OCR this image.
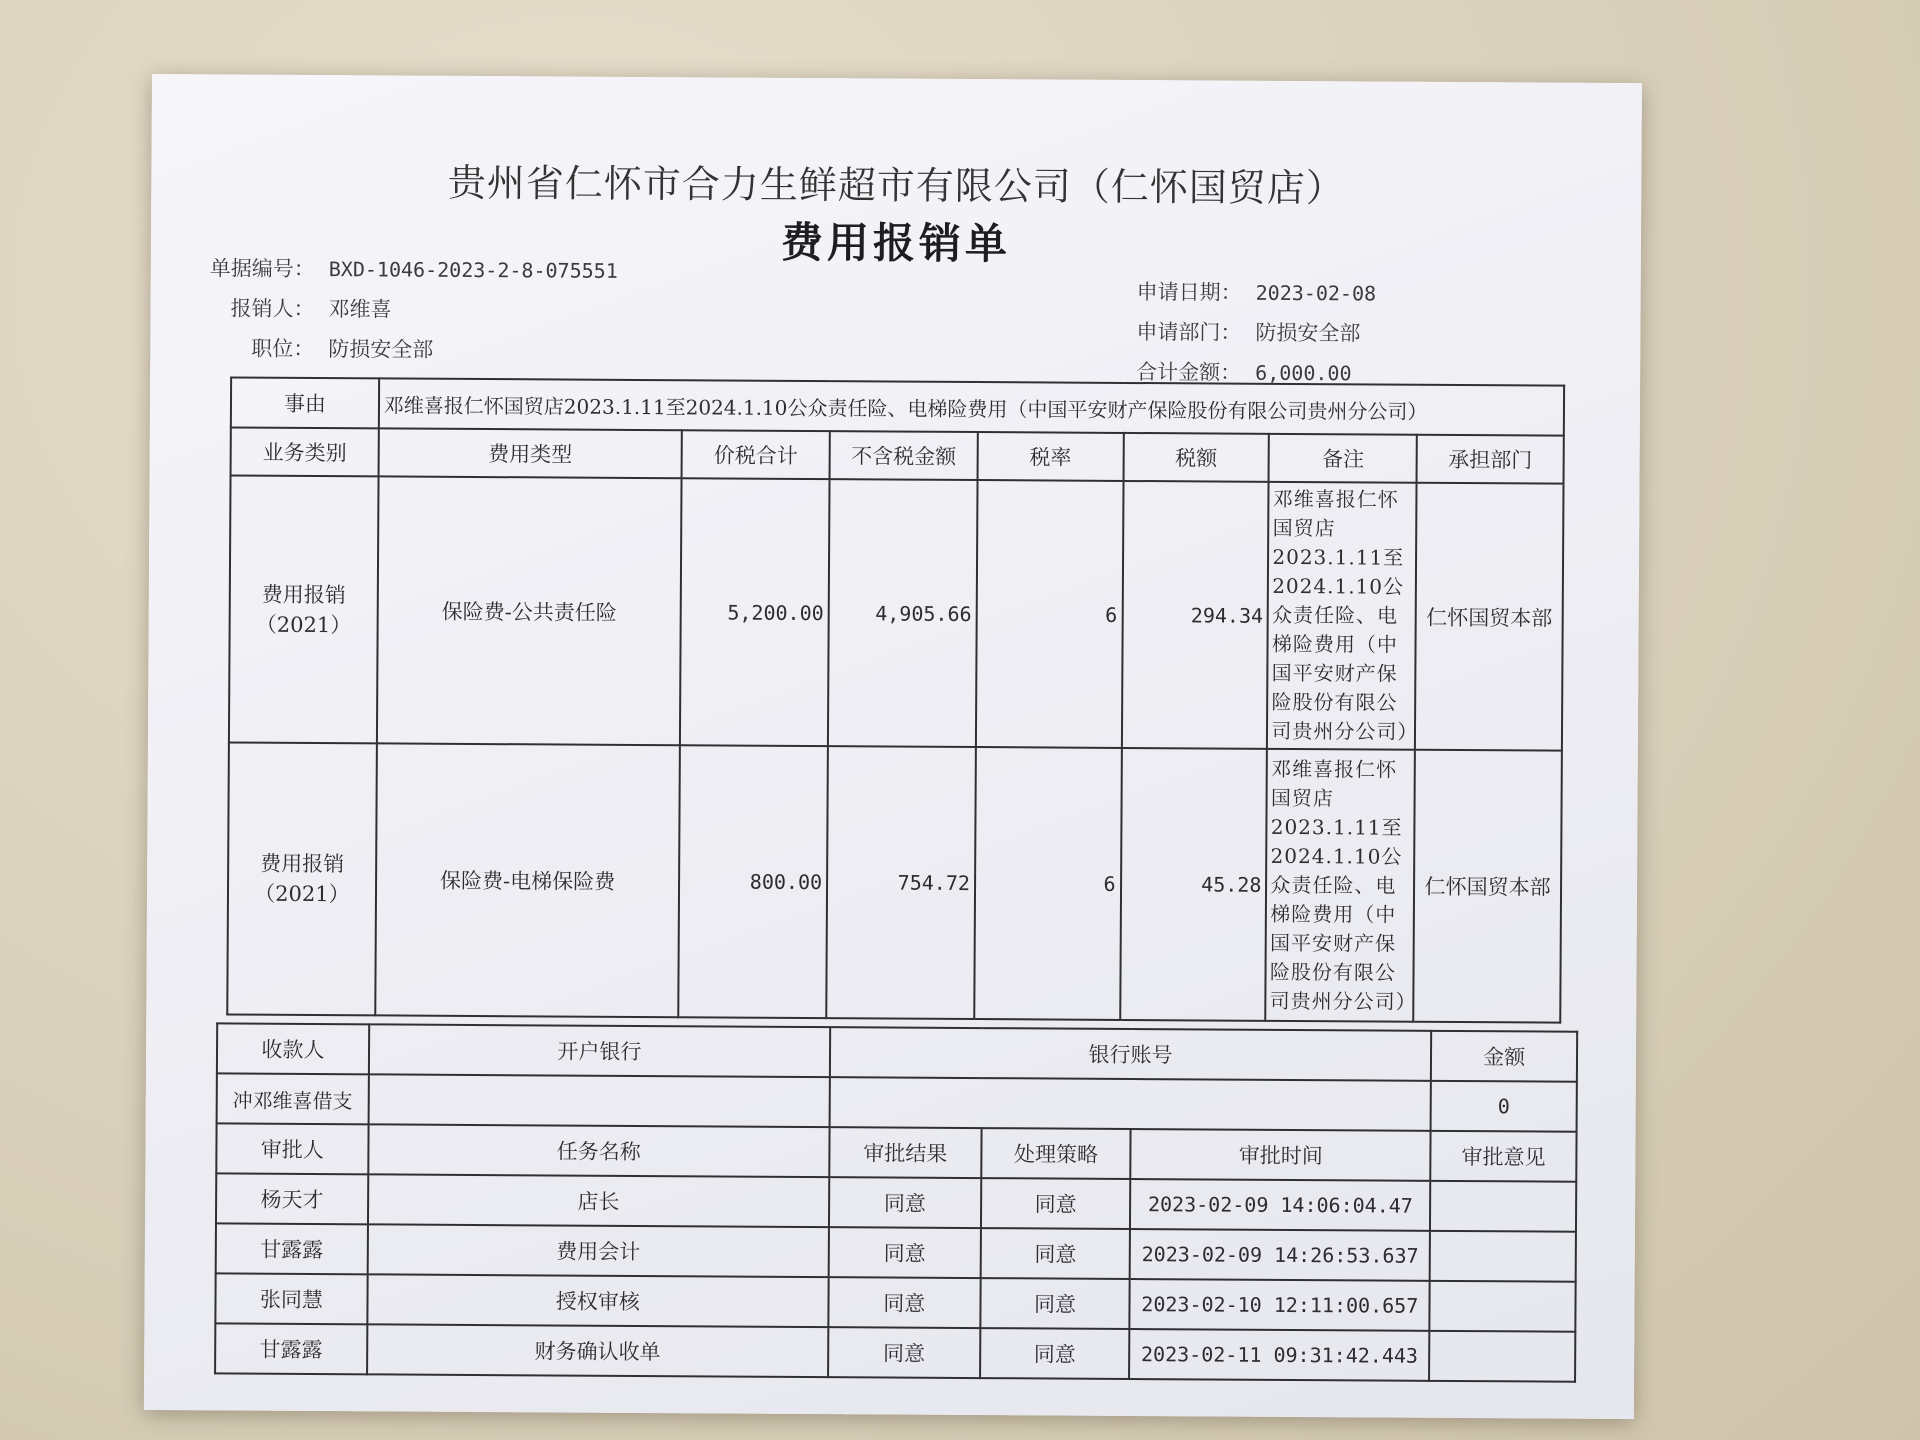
贵州省仁怀市合力生鲜超市有限公司（仁怀国贸店）
费用报销单
单据编号： BXD-1046-2023-2-8-075551
报销人： 邓维喜
职位： 防损安全部
申请日期： 2023-02-08
申请部门： 防损安全部
合计金额： 6,000.00
事由	邓维喜报仁怀国贸店2023.1.11至2024.1.10公众责任险、电梯险费用（中国平安财产保险股份有限公司贵州分公司）						
业务类别	费用类型	价税合计	不含税金额	税率	税额	备注	承担部门
费用报销（2021）	保险费-公共责任险	5,200.00	4,905.66	6	294.34	邓维喜报仁怀国贸店2023.1.11至2024.1.10公众责任险、电梯险费用（中国平安财产保险股份有限公司贵州分公司）	仁怀国贸本部
费用报销（2021）	保险费-电梯保险费	800.00	754.72	6	45.28	邓维喜报仁怀国贸店2023.1.11至2024.1.10公众责任险、电梯险费用（中国平安财产保险股份有限公司贵州分公司）	仁怀国贸本部
收款人	开户银行	银行账号			金额
冲邓维喜借支					0
审批人	任务名称	审批结果	处理策略	审批时间	审批意见
杨天才	店长	同意	同意	2023-02-09 14:06:04.47	
甘露露	费用会计	同意	同意	2023-02-09 14:26:53.637	
张同慧	授权审核	同意	同意	2023-02-10 12:11:00.657	
甘露露	财务确认收单	同意	同意	2023-02-11 09:31:42.443	
